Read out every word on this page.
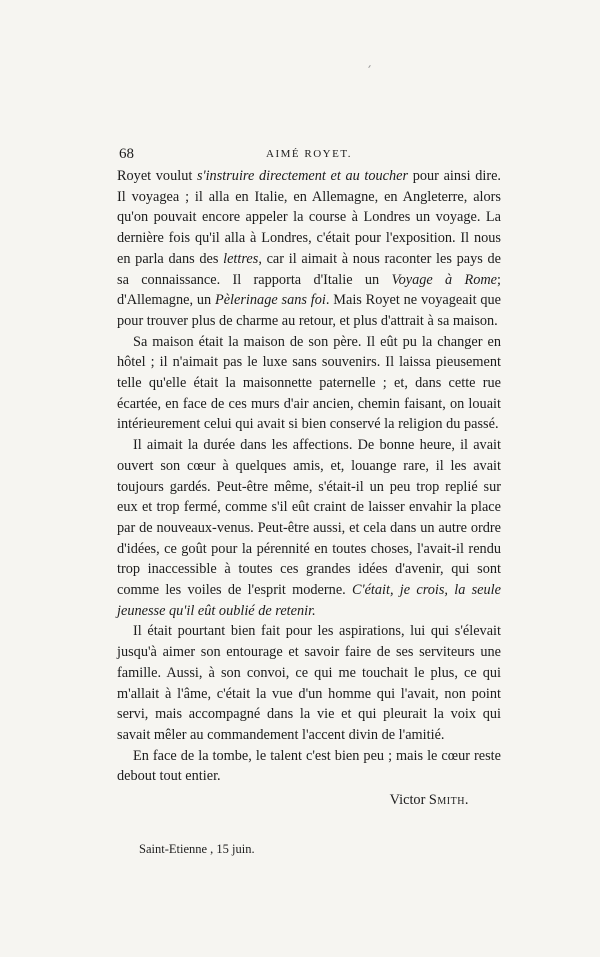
68	AIMÉ ROYET.

Royet voulut s'instruire directement et au toucher pour ainsi dire. Il voyagea ; il alla en Italie, en Allemagne, en Angleterre, alors qu'on pouvait encore appeler la course à Londres un voyage. La dernière fois qu'il alla à Londres, c'était pour l'exposition. Il nous en parla dans des lettres, car il aimait à nous raconter les pays de sa connaissance. Il rapporta d'Italie un Voyage à Rome; d'Allemagne, un Pèlerinage sans foi. Mais Royet ne voyageait que pour trouver plus de charme au retour, et plus d'attrait à sa maison.

Sa maison était la maison de son père. Il eût pu la changer en hôtel ; il n'aimait pas le luxe sans souvenirs. Il laissa pieusement telle qu'elle était la maisonnette paternelle ; et, dans cette rue écartée, en face de ces murs d'air ancien, chemin faisant, on louait intérieurement celui qui avait si bien conservé la religion du passé.

Il aimait la durée dans les affections. De bonne heure, il avait ouvert son cœur à quelques amis, et, louange rare, il les avait toujours gardés. Peut-être même, s'était-il un peu trop replié sur eux et trop fermé, comme s'il eût craint de laisser envahir la place par de nouveaux-venus. Peut-être aussi, et cela dans un autre ordre d'idées, ce goût pour la pérennité en toutes choses, l'avait-il rendu trop inaccessible à toutes ces grandes idées d'avenir, qui sont comme les voiles de l'esprit moderne. C'était, je crois, la seule jeunesse qu'il eût oublié de retenir.

Il était pourtant bien fait pour les aspirations, lui qui s'élevait jusqu'à aimer son entourage et savoir faire de ses serviteurs une famille. Aussi, à son convoi, ce qui me touchait le plus, ce qui m'allait à l'âme, c'était la vue d'un homme qui l'avait, non point servi, mais accompagné dans la vie et qui pleurait la voix qui savait mêler au commandement l'accent divin de l'amitié.

En face de la tombe, le talent c'est bien peu ; mais le cœur reste debout tout entier.

Victor Smith.
Saint-Etienne , 15 juin.
